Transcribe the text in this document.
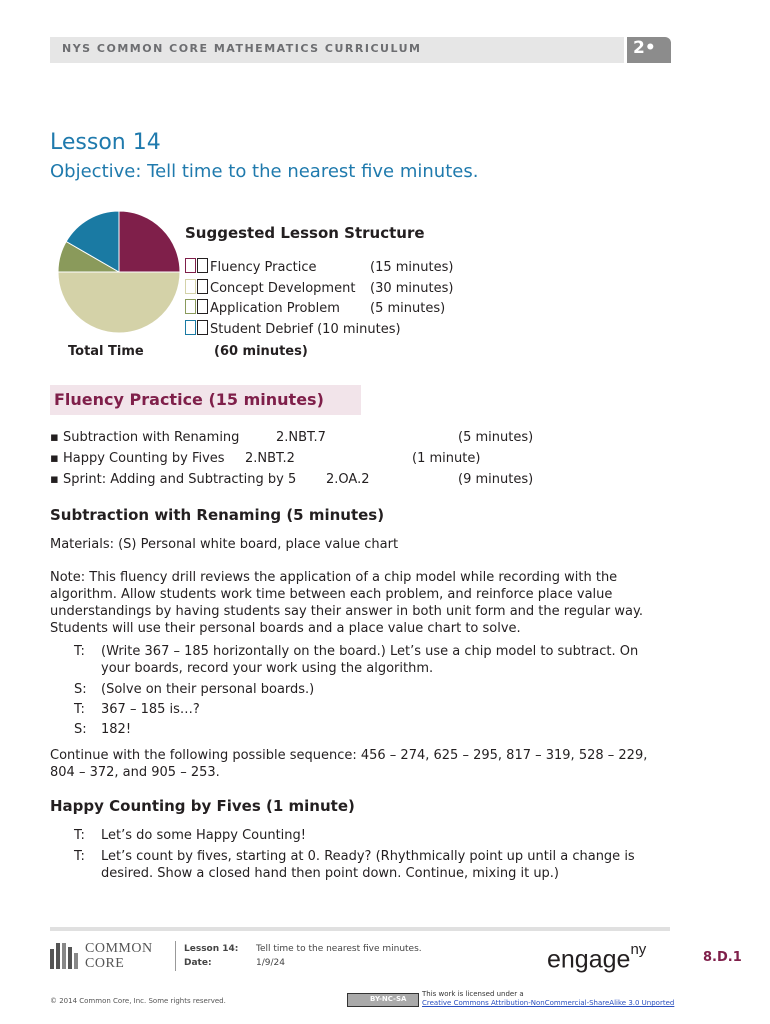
NYS COMMON CORE MATHEMATICS CURRICULUM	2•
Lesson 14
Objective: Tell time to the nearest five minutes.
Suggested Lesson Structure
Fluency Practice	(15 minutes)
Concept Development (30 minutes)
Application Problem (5 minutes)
Student Debrief (10 minutes)
Total Time	(60 minutes)
Fluency Practice (15 minutes)
▪ Subtraction with Renaming	2.NBT.7	(5 minutes)
▪ Happy Counting by Fives 2.NBT.2	(1 minute)
▪ Sprint: Adding and Subtracting by 5 2.OA.2	(9 minutes)
Subtraction with Renaming (5 minutes)
Materials: (S) Personal white board, place value chart
Note: This fluency drill reviews the application of a chip model while recording with the algorithm. Allow students work time between each problem, and reinforce place value understandings by having students say their answer in both unit form and the regular way. Students will use their personal boards and a place value chart to solve.
T: (Write 367 – 185 horizontally on the board.) Let’s use a chip model to subtract. On your boards, record your work using the algorithm.
S: (Solve on their personal boards.)
T: 367 – 185 is…?
S: 182!
Continue with the following possible sequence: 456 – 274, 625 – 295, 817 – 319, 528 – 229, 804 – 372, and 905 – 253.
Happy Counting by Fives (1 minute)
T: Let’s do some Happy Counting!
T: Let’s count by fives, starting at 0. Ready? (Rhythmically point up until a change is desired. Show a closed hand then point down. Continue, mixing it up.)
COMMON
CORE
Lesson 14: Tell time to the nearest five minutes.
Date:	1/9/24	engage$^{ny}$	8.D.1
© 2014 Common Core, Inc. Some rights reserved.	BY-NC-SA
This work is licensed under a
Creative Commons Attribution-NonCommercial-ShareAlike 3.0 Unported
